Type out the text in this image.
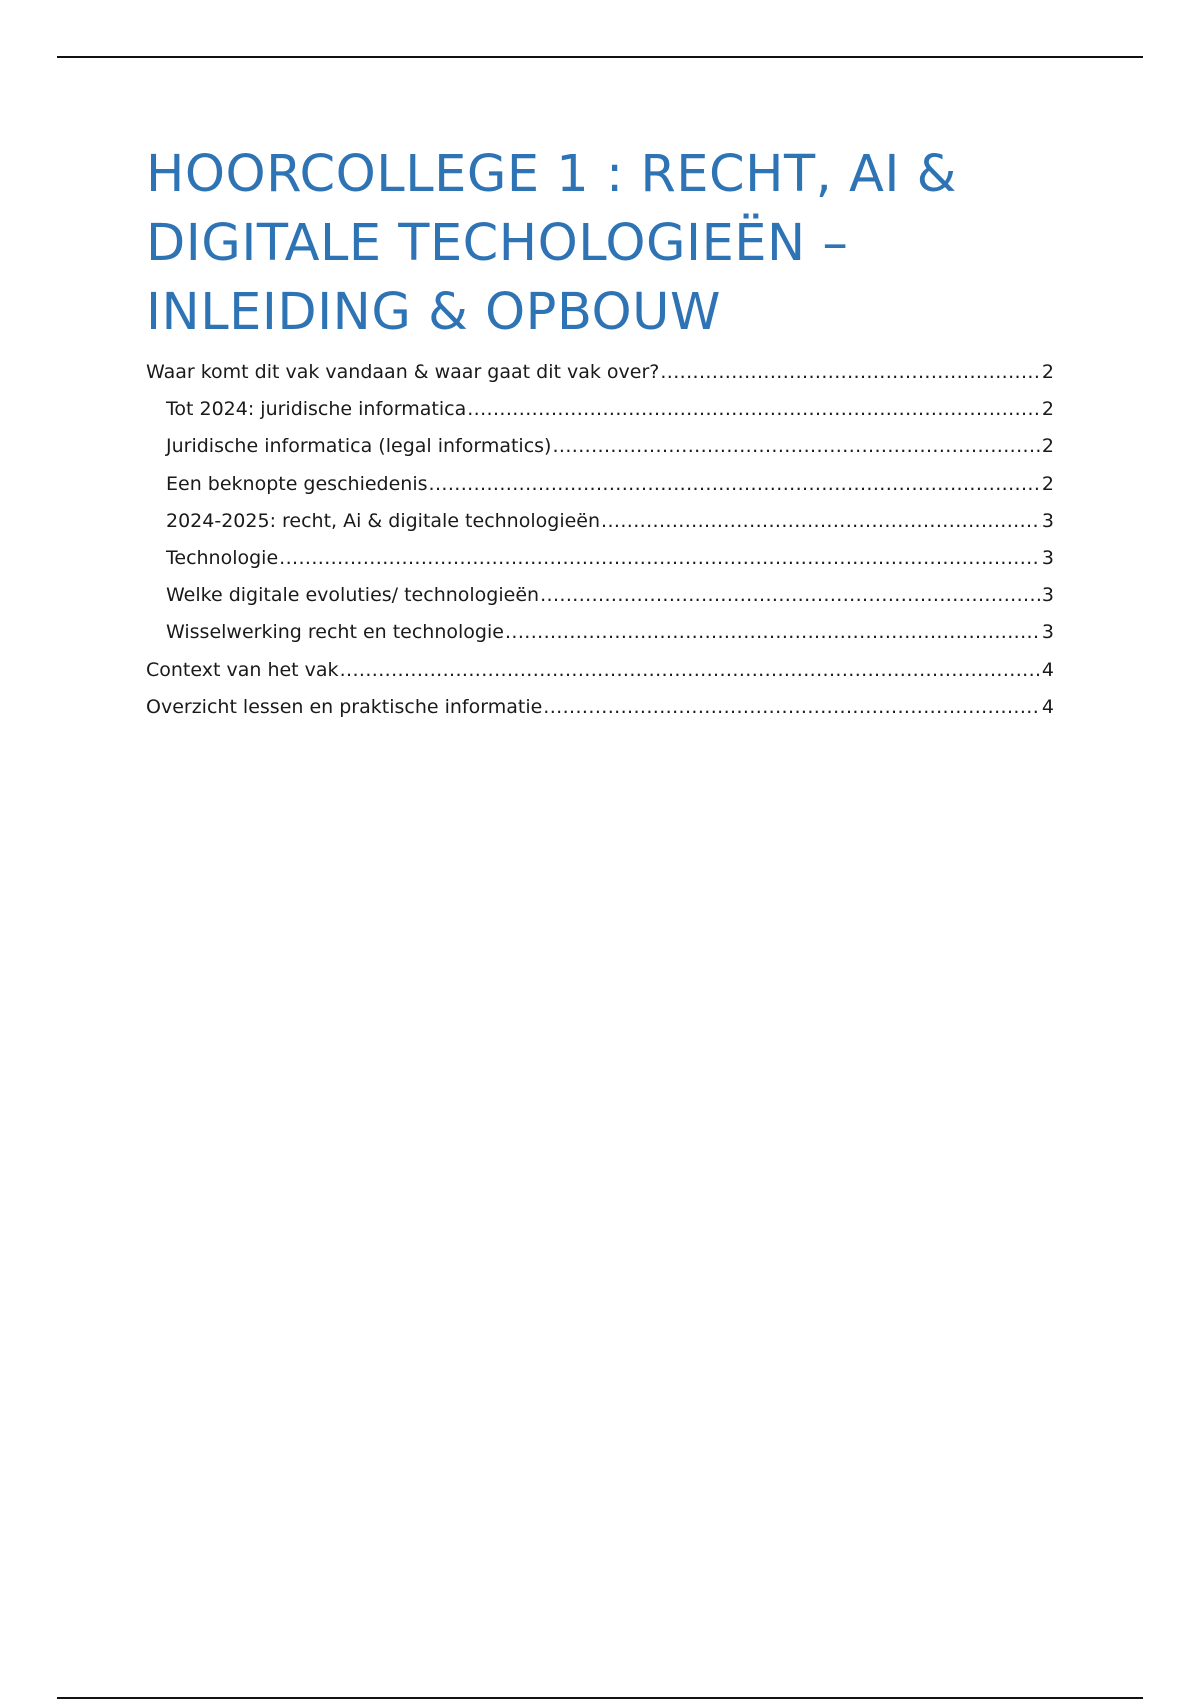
HOORCOLLEGE 1 : RECHT, AI &
DIGITALE TECHOLOGIEËN –
INLEIDING & OPBOUW
Waar komt dit vak vandaan & waar gaat dit vak over? .....	2
Tot 2024: juridische informatica .....	2
Juridische informatica (legal informatics) .....	2
Een beknopte geschiedenis .....	2
2024-2025: recht, Ai & digitale technologieën .....	3
Technologie .....	3
Welke digitale evoluties/ technologieën .....	3
Wisselwerking recht en technologie .....	3
Context van het vak .....	4
Overzicht lessen en praktische informatie .....	4
